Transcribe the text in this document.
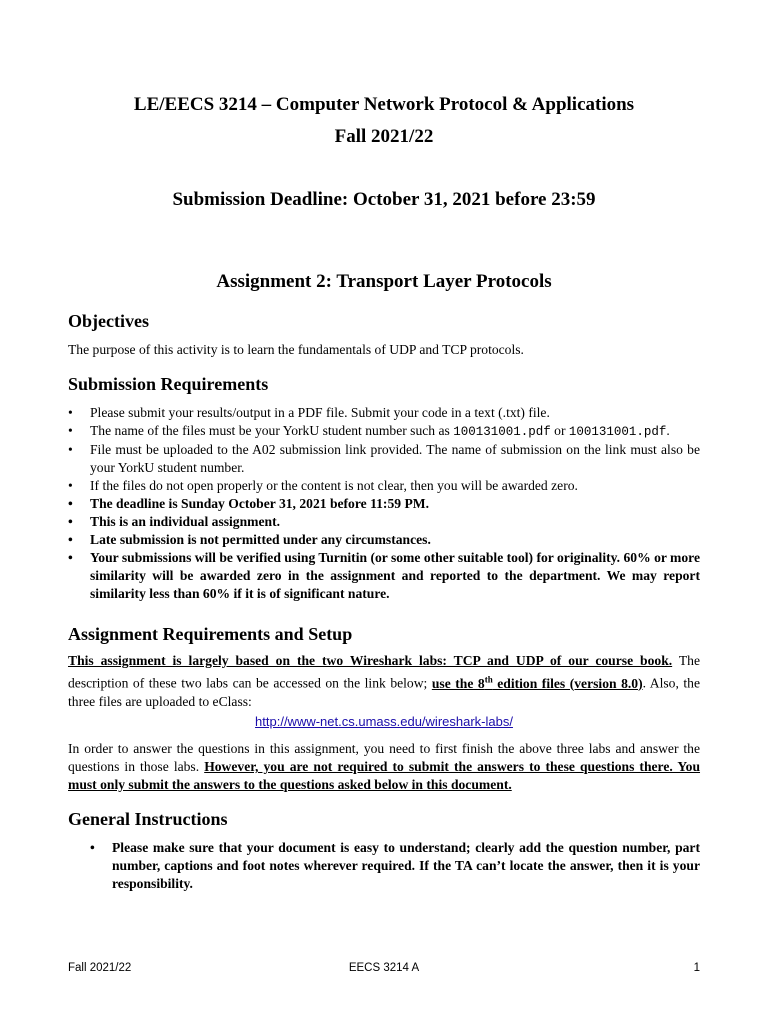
LE/EECS 3214 – Computer Network Protocol & Applications
Fall 2021/22
Submission Deadline: October 31, 2021 before 23:59
Assignment 2: Transport Layer Protocols
Objectives
The purpose of this activity is to learn the fundamentals of UDP and TCP protocols.
Submission Requirements
• Please submit your results/output in a PDF file. Submit your code in a text (.txt) file.
• The name of the files must be your YorkU student number such as 100131001.pdf or 100131001.pdf.
• File must be uploaded to the A02 submission link provided. The name of submission on the link must also be your YorkU student number.
• If the files do not open properly or the content is not clear, then you will be awarded zero.
• The deadline is Sunday October 31, 2021 before 11:59 PM.
• This is an individual assignment.
• Late submission is not permitted under any circumstances.
• Your submissions will be verified using Turnitin (or some other suitable tool) for originality. 60% or more similarity will be awarded zero in the assignment and reported to the department. We may report similarity less than 60% if it is of significant nature.
Assignment Requirements and Setup
This assignment is largely based on the two Wireshark labs: TCP and UDP of our course book. The description of these two labs can be accessed on the link below; use the 8th edition files (version 8.0). Also, the three files are uploaded to eClass:
http://www-net.cs.umass.edu/wireshark-labs/
In order to answer the questions in this assignment, you need to first finish the above three labs and answer the questions in those labs. However, you are not required to submit the answers to these questions there. You must only submit the answers to the questions asked below in this document.
General Instructions
• Please make sure that your document is easy to understand; clearly add the question number, part number, captions and foot notes wherever required. If the TA can’t locate the answer, then it is your responsibility.
Fall 2021/22	EECS 3214 A	1
